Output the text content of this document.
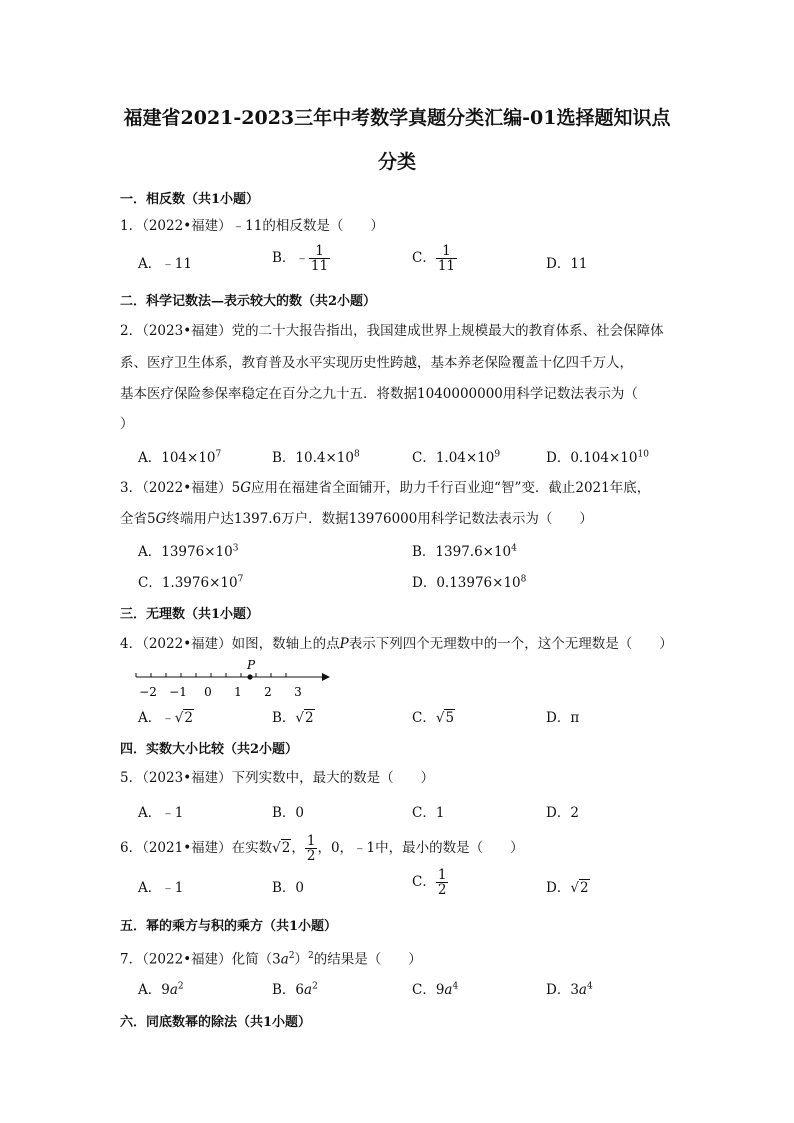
福建省2021-2023三年中考数学真题分类汇编-01选择题知识点
分类
一．相反数（共1小题）
1．（2022•福建）﹣11的相反数是（　　）
A．﹣11	B．﹣ $\frac{1}{11}$	C． $\frac{1}{11}$	D．11
二．科学记数法—表示较大的数（共2小题）
2．（2023•福建）党的二十大报告指出，我国建成世界上规模最大的教育体系、社会保障体
系、医疗卫生体系，教育普及水平实现历史性跨越，基本养老保险覆盖十亿四千万人，
基本医疗保险参保率稳定在百分之九十五．将数据1040000000用科学记数法表示为（
）
A．$104\times 10^7$	B．$10.4\times 10^8$	C．$1.04\times 10^9$	D．$0.104\times 10^{10}$
3．（2022•福建）5G应用在福建省全面铺开，助力千行百业迎“智”变．截止2021年底，
全省5G终端用户达1397.6万户．数据13976000用科学记数法表示为（　　）
A．$13976\times 10^3$	B．$1397.6\times 10^4$
C．$1.3976\times 10^7$	D．$0.13976\times 10^8$
三．无理数（共1小题）
4．（2022•福建）如图，数轴上的点P表示下列四个无理数中的一个，这个无理数是（　　）
−2 −1 0 1 2 3
P
A．﹣√2	B．√2	C．√5	D．π
四．实数大小比较（共2小题）
5．（2023•福建）下列实数中，最大的数是（　　）
A．﹣1	B．0	C．1	D．2
6．（2021•福建）在实数√2， $\frac{1}{2}$ ，0，﹣1中，最小的数是（　　）
A．﹣1	B．0	C． $\frac{1}{2}$	D．√2
五．幂的乘方与积的乘方（共1小题）
7．（2022•福建）化简$(3a^2)^2$的结果是（　　）
A．$9a^2$	B．$6a^2$	C．$9a^4$	D．$3a^4$
六．同底数幂的除法（共1小题）
